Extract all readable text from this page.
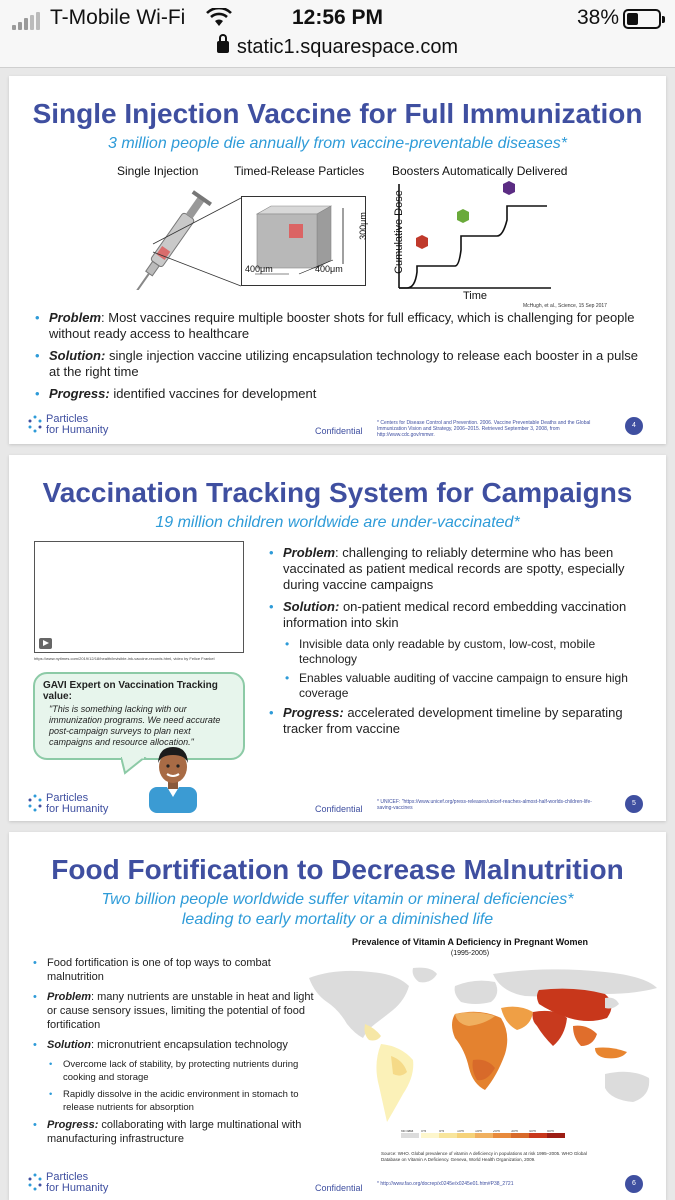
T-Mobile Wi-Fi	12:56 PM	38%
static1.squarespace.com
Single Injection Vaccine for Full Immunization
3 million people die annually from vaccine-preventable diseases*
Single Injection	Timed-Release Particles Boosters Automatically Delivered
300μm
400μm	400μm	Cumulative Dose
Time
McHugh, et al., Science, 15 Sep 2017
• Problem: Most vaccines require multiple booster shots for full efficacy, which is challenging for people without ready access to healthcare
• Solution: single injection vaccine utilizing encapsulation technology to release each booster in a pulse at the right time
• Progress: identified vaccines for development
Particles
for Humanity	Confidential
* Centers for Disease Control and Prevention. 2006. Vaccine Preventable Deaths and the Global Immunization Vision and Strategy, 2006–2015. Retrieved September 3, 2008, from http://www.cdc.gov/mmwr.
4
Vaccination Tracking System for Campaigns
19 million children worldwide are under-vaccinated*
https://www.nytimes.com/2019/12/18/health/invisible-ink-vaccine-records.html, video by Felice Frankel
GAVI Expert on Vaccination Tracking value:
"This is something lacking with our immunization programs. We need accurate post-campaign surveys to plan next campaigns and resource allocation."
• Problem: challenging to reliably determine who has been vaccinated as patient medical records are spotty, especially during vaccine campaigns
• Solution: on-patient medical record embedding vaccination information into skin
• Invisible data only readable by custom, low-cost, mobile technology
• Enables valuable auditing of vaccine campaign to ensure high coverage
• Progress: accelerated development timeline by separating tracker from vaccine
Particles
for Humanity	Confidential
* UNICEF: "https://www.unicef.org/press-releases/unicef-reaches-almost-half-worlds-children-life-saving-vaccines
5
Food Fortification to Decrease Malnutrition
Two billion people worldwide suffer vitamin or mineral deficiencies*
leading to early mortality or a diminished life
• Food fortification is one of top ways to combat malnutrition
• Problem: many nutrients are unstable in heat and light or cause sensory issues, limiting the potential of food fortification
• Solution: micronutrient encapsulation technology
• Overcome lack of stability, by protecting nutrients during cooking and storage
• Rapidly dissolve in the acidic environment in stomach to release nutrients for absorption
• Progress: collaborating with large multinational with manufacturing infrastructure
Prevalence of Vitamin A Deficiency in Pregnant Women
(1995-2005)
No data 0%	5%	10%	15%	20%	30%	40%	50%
Source: WHO. Global prevalence of vitamin A deficiency in populations at risk 1995–2005. WHO Global Database on Vitamin A Deficiency. Geneva, World Health Organization, 2009.
Particles
for Humanity	Confidential	* http://www.fao.org/docrep/x0245e/x0245e01.htm#P38_2721	6
